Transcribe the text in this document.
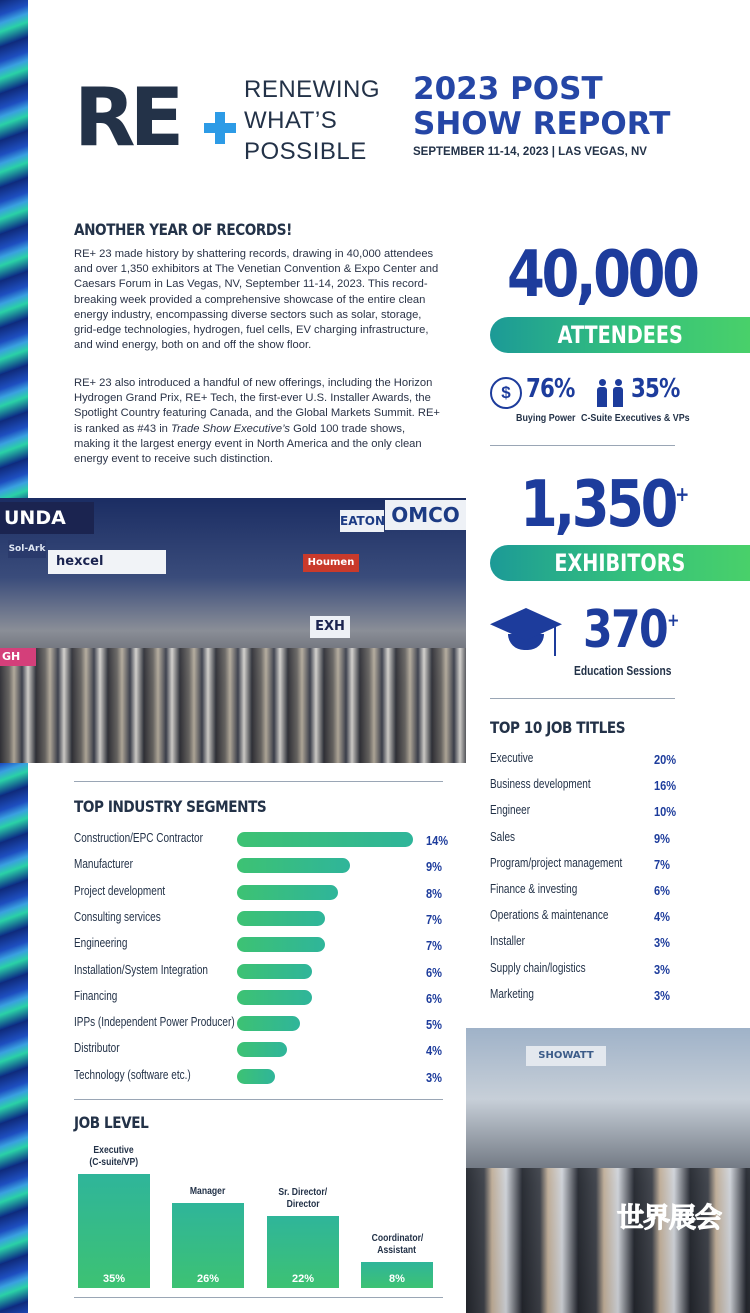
RE	RENEWING
WHAT’S
POSSIBLE
2023 POST
SHOW REPORT
SEPTEMBER 11-14, 2023 | LAS VEGAS, NV
ANOTHER YEAR OF RECORDS!

RE+ 23 made history by shattering records, drawing in 40,000 attendees and over 1,350 exhibitors at The Venetian Convention & Expo Center and Caesars Forum in Las Vegas, NV, September 11-14, 2023. This record-breaking week provided a comprehensive showcase of the entire clean energy industry, encompassing diverse sectors such as solar, storage, grid-edge technologies, hydrogen, fuel cells, EV charging infrastructure, and wind energy, both on and off the show floor.

RE+ 23 also introduced a handful of new offerings, including the Horizon Hydrogen Grand Prix, RE+ Tech, the first-ever U.S. Installer Awards, the Spotlight Country featuring Canada, and the Global Markets Summit. RE+ is ranked as #43 in Trade Show Executive’s Gold 100 trade shows, making it the largest energy event in North America and the only clean energy event to receive such distinction.

UNDA	OMCO
EATON
Sol-Ark
hexcel	Houmen
EXH
GH
40,000
ATTENDEES
$ 76% 35%
Buying Power C-Suite Executives & VPs
1,350+
EXHIBITORS
370+
Education Sessions
TOP 10 JOB TITLES
Executive	20%
Business development	16%
Engineer	10%
Sales	9%
Program/project management 7%
Finance & investing	6%
Operations & maintenance	4%
Installer	3%
Supply chain/logistics	3%
Marketing	3%
TOP INDUSTRY SEGMENTS
Construction/EPC Contractor	14%
Manufacturer	9%
Project development	8%
Consulting services	7%
Engineering	7%
Installation/System Integration	6%
Financing	6%
IPPs (Independent Power Producer)	5%
Distributor	4%
Technology (software etc.)	3%
JOB LEVEL
35%
Executive
(C-suite/VP)
26%
Manager
22%
Sr. Director/
Director
8%
Coordinator/
Assistant
SHOWATT
世界展会
